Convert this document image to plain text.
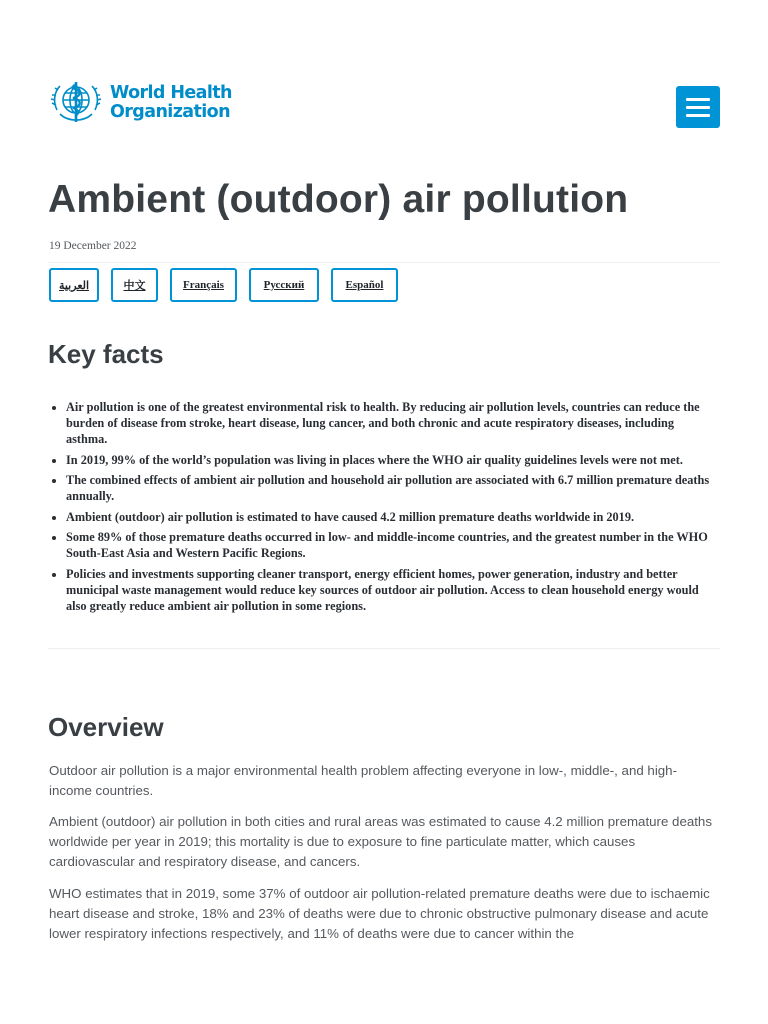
World Health
Organization
Ambient (outdoor) air pollution
19 December 2022
العربية	中文	Français	Русский	Español
Key facts
• Air pollution is one of the greatest environmental risk to health. By reducing air pollution levels, countries can reduce the burden of disease from stroke, heart disease, lung cancer, and both chronic and acute respiratory diseases, including asthma.
• In 2019, 99% of the world’s population was living in places where the WHO air quality guidelines levels were not met.
• The combined effects of ambient air pollution and household air pollution are associated with 6.7 million premature deaths annually.
• Ambient (outdoor) air pollution is estimated to have caused 4.2 million premature deaths worldwide in 2019.
• Some 89% of those premature deaths occurred in low- and middle-income countries, and the greatest number in the WHO South-East Asia and Western Pacific Regions.
• Policies and investments supporting cleaner transport, energy efficient homes, power generation, industry and better municipal waste management would reduce key sources of outdoor air pollution. Access to clean household energy would also greatly reduce ambient air pollution in some regions.
Overview

Outdoor air pollution is a major environmental health problem affecting everyone in low-, middle-, and high-income countries.

Ambient (outdoor) air pollution in both cities and rural areas was estimated to cause 4.2 million premature deaths worldwide per year in 2019; this mortality is due to exposure to fine particulate matter, which causes cardiovascular and respiratory disease, and cancers.

WHO estimates that in 2019, some 37% of outdoor air pollution-related premature deaths were due to ischaemic heart disease and stroke, 18% and 23% of deaths were due to chronic obstructive pulmonary disease and acute lower respiratory infections respectively, and 11% of deaths were due to cancer within the
